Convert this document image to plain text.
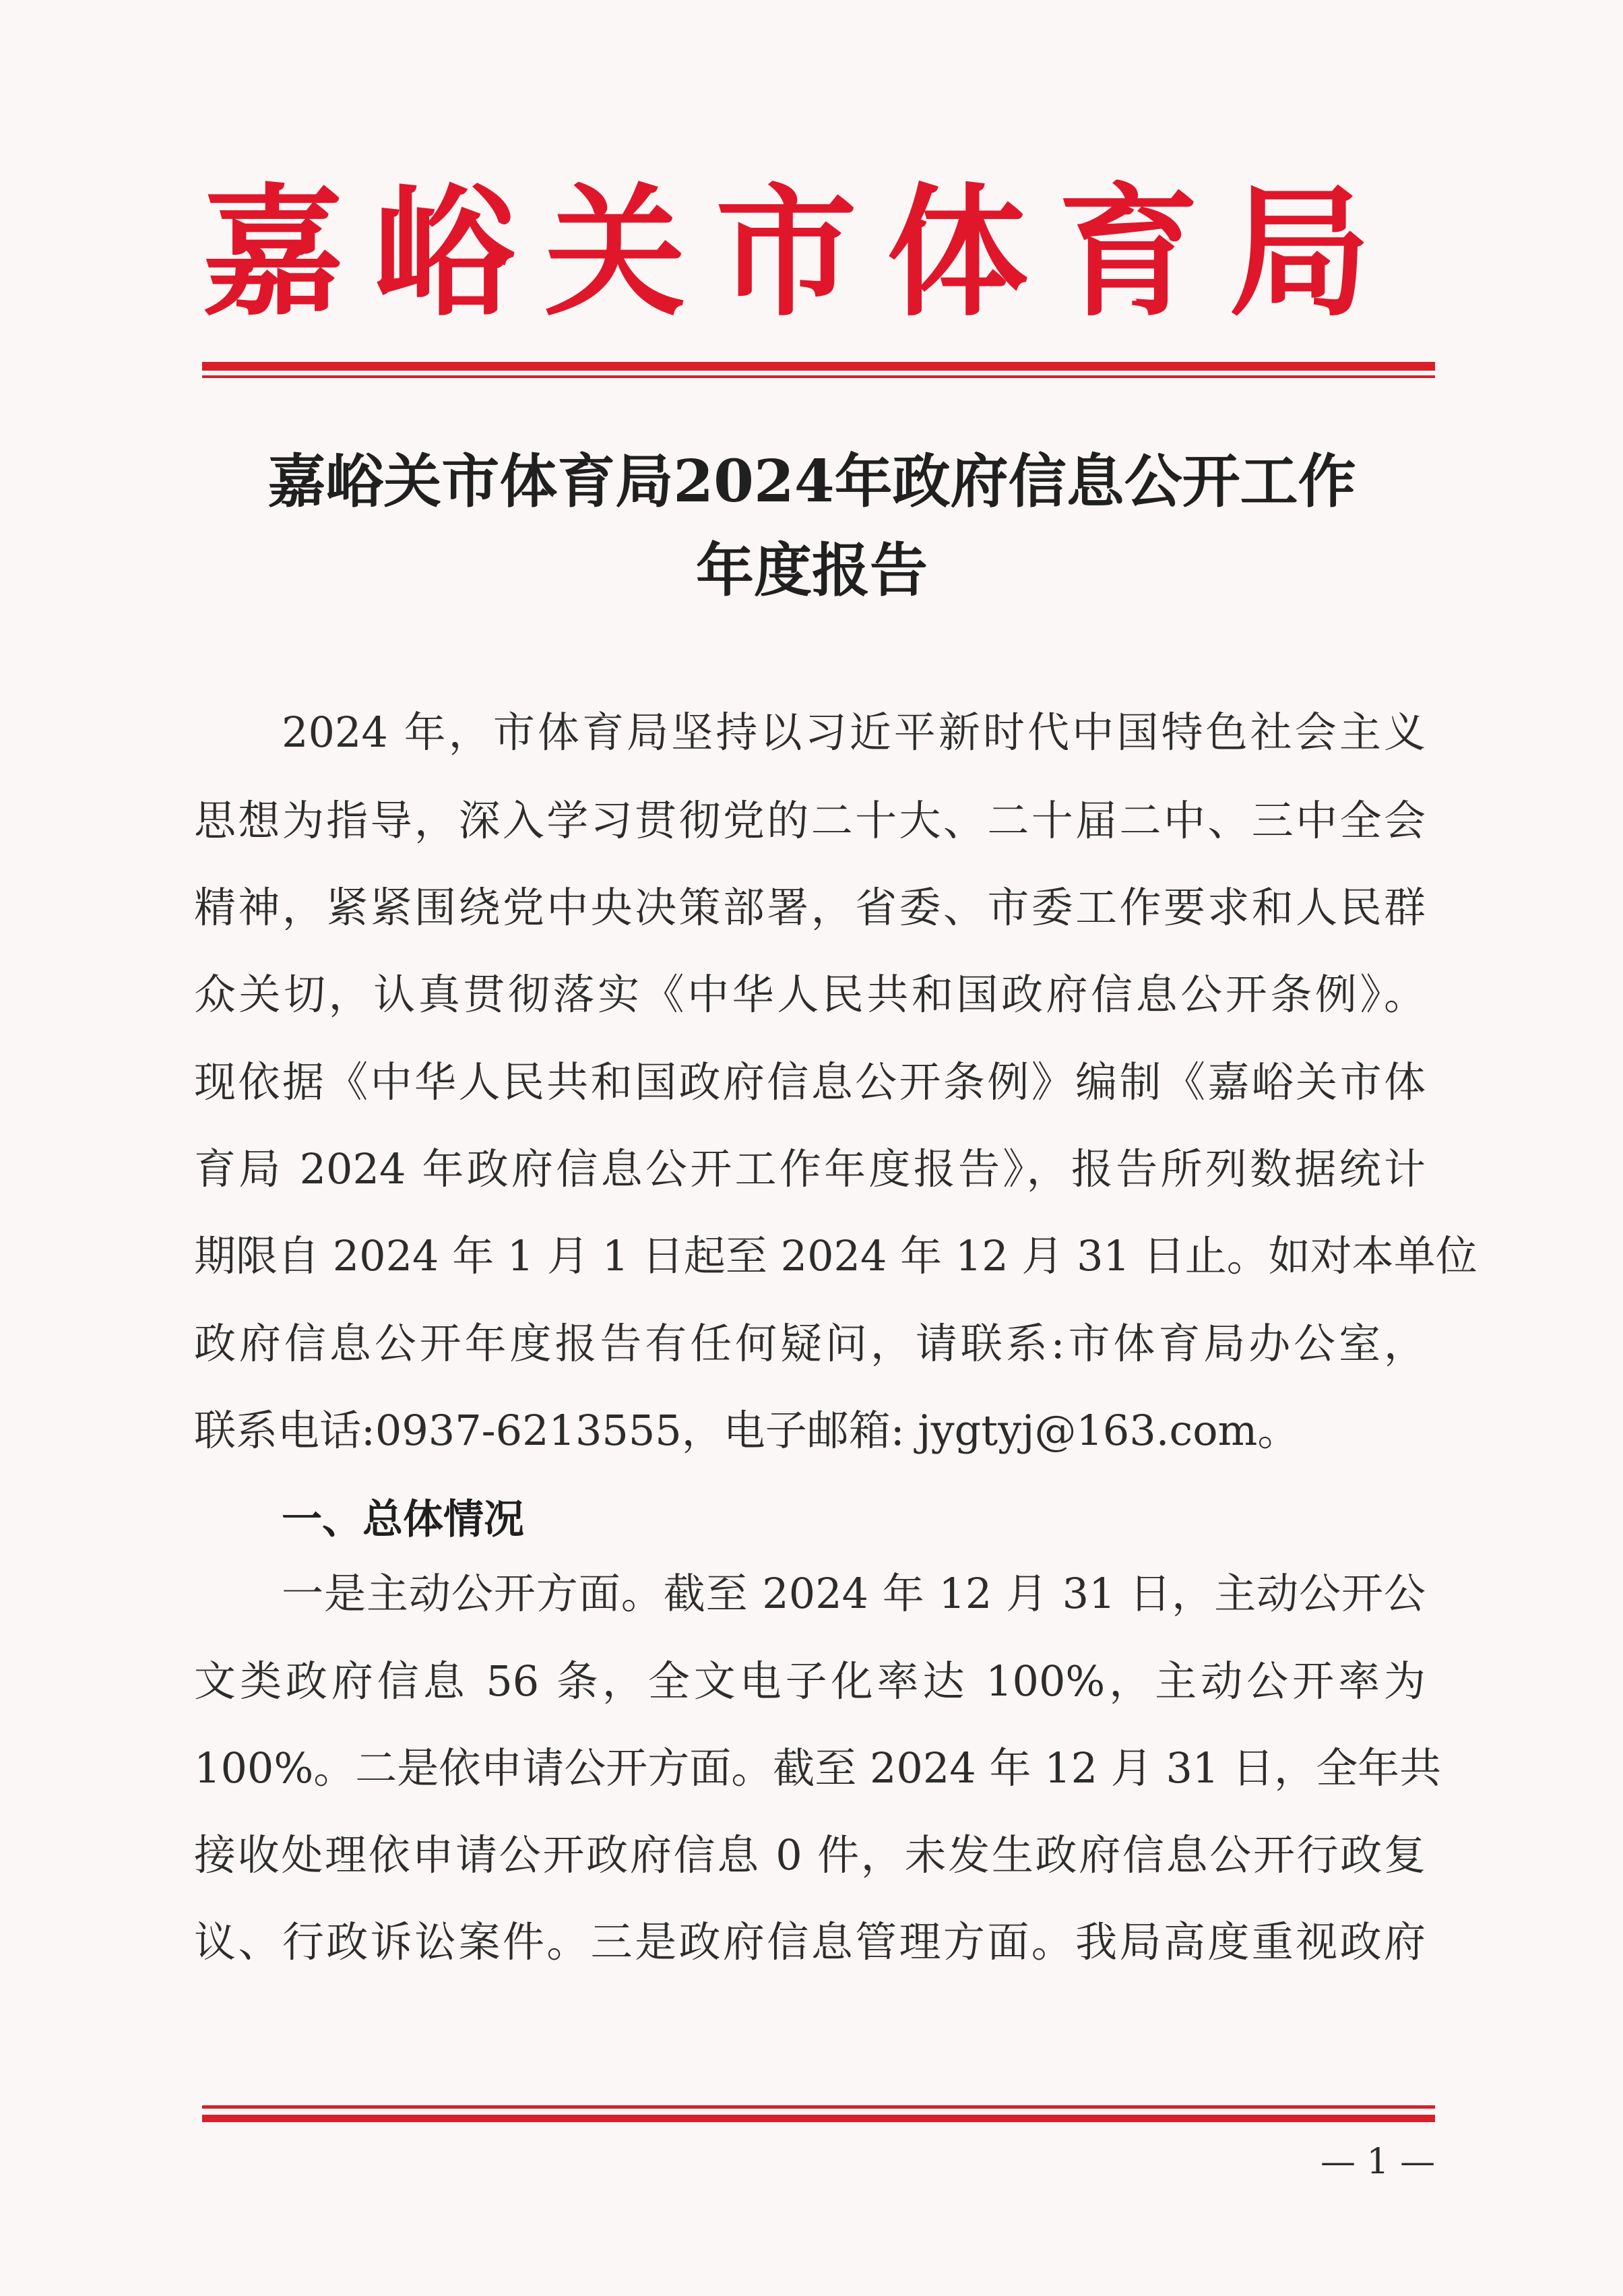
嘉峪关市体育局
嘉峪关市体育局2024年政府信息公开工作
年度报告
2024 年，市体育局坚持以习近平新时代中国特色社会主义
思想为指导，深入学习贯彻党的二十大、二十届二中、三中全会
精神，紧紧围绕党中央决策部署，省委、市委工作要求和人民群
众关切，认真贯彻落实《中华人民共和国政府信息公开条例》。
现依据《中华人民共和国政府信息公开条例》编制《嘉峪关市体
育局 2024 年政府信息公开工作年度报告》，报告所列数据统计
期限自 2024 年 1 月 1 日起至 2024 年 12 月 31 日止。如对本单位
政府信息公开年度报告有任何疑问，请联系:市体育局办公室，
联系电话:0937-6213555，电子邮箱: jygtyj@163.com。
一、总体情况
一是主动公开方面。截至 2024 年 12 月 31 日，主动公开公
文类政府信息 56 条，全文电子化率达 100%，主动公开率为
100%。二是依申请公开方面。截至 2024 年 12 月 31 日，全年共
接收处理依申请公开政府信息 0 件，未发生政府信息公开行政复
议、行政诉讼案件。三是政府信息管理方面。我局高度重视政府
— 1 —
